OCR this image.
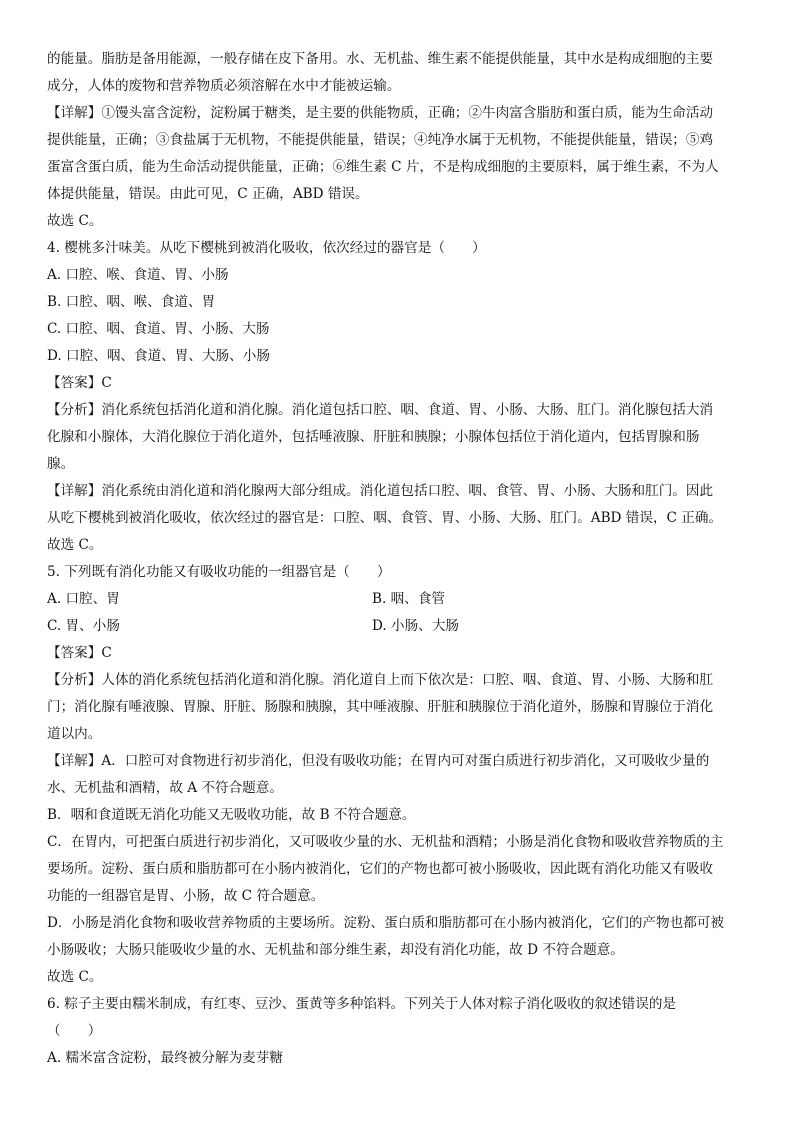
的能量。脂肪是备用能源，一般存储在皮下备用。水、无机盐、维生素不能提供能量，其中水是构成细胞的主要
成分，人体的废物和营养物质必须溶解在水中才能被运输。
【详解】①馒头富含淀粉，淀粉属于糖类，是主要的供能物质，正确；②牛肉富含脂肪和蛋白质，能为生命活动
提供能量，正确；③食盐属于无机物，不能提供能量，错误；④纯净水属于无机物，不能提供能量，错误；⑤鸡
蛋富含蛋白质，能为生命活动提供能量，正确；⑥维生素 C 片，不是构成细胞的主要原料，属于维生素，不为人
体提供能量，错误。由此可见，C 正确，ABD 错误。
故选 C。
4. 樱桃多汁味美。从吃下樱桃到被消化吸收，依次经过的器官是（　　）
A. 口腔、喉、食道、胃、小肠
B. 口腔、咽、喉、食道、胃
C. 口腔、咽、食道、胃、小肠、大肠
D. 口腔、咽、食道、胃、大肠、小肠
【答案】C
【分析】消化系统包括消化道和消化腺。消化道包括口腔、咽、食道、胃、小肠、大肠、肛门。消化腺包括大消
化腺和小腺体，大消化腺位于消化道外，包括唾液腺、肝脏和胰腺；小腺体包括位于消化道内，包括胃腺和肠
腺。
【详解】消化系统由消化道和消化腺两大部分组成。消化道包括口腔、咽、食管、胃、小肠、大肠和肛门。因此
从吃下樱桃到被消化吸收，依次经过的器官是：口腔、咽、食管、胃、小肠、大肠、肛门。ABD 错误，C 正确。
故选 C。
5. 下列既有消化功能又有吸收功能的一组器官是（　　）
A. 口腔、胃	B. 咽、食管
C. 胃、小肠	D. 小肠、大肠
【答案】C
【分析】人体的消化系统包括消化道和消化腺。消化道自上而下依次是：口腔、咽、食道、胃、小肠、大肠和肛
门；消化腺有唾液腺、胃腺、肝脏、肠腺和胰腺，其中唾液腺、肝脏和胰腺位于消化道外，肠腺和胃腺位于消化
道以内。
【详解】A．口腔可对食物进行初步消化，但没有吸收功能；在胃内可对蛋白质进行初步消化，又可吸收少量的
水、无机盐和酒精，故 A 不符合题意。
B．咽和食道既无消化功能又无吸收功能，故 B 不符合题意。
C．在胃内，可把蛋白质进行初步消化，又可吸收少量的水、无机盐和酒精；小肠是消化食物和吸收营养物质的主
要场所。淀粉、蛋白质和脂肪都可在小肠内被消化，它们的产物也都可被小肠吸收，因此既有消化功能又有吸收
功能的一组器官是胃、小肠，故 C 符合题意。
D．小肠是消化食物和吸收营养物质的主要场所。淀粉、蛋白质和脂肪都可在小肠内被消化，它们的产物也都可被
小肠吸收；大肠只能吸收少量的水、无机盐和部分维生素，却没有消化功能，故 D 不符合题意。
故选 C。
6. 粽子主要由糯米制成，有红枣、豆沙、蛋黄等多种馅料。下列关于人体对粽子消化吸收的叙述错误的是
（　　）
A. 糯米富含淀粉，最终被分解为麦芽糖
